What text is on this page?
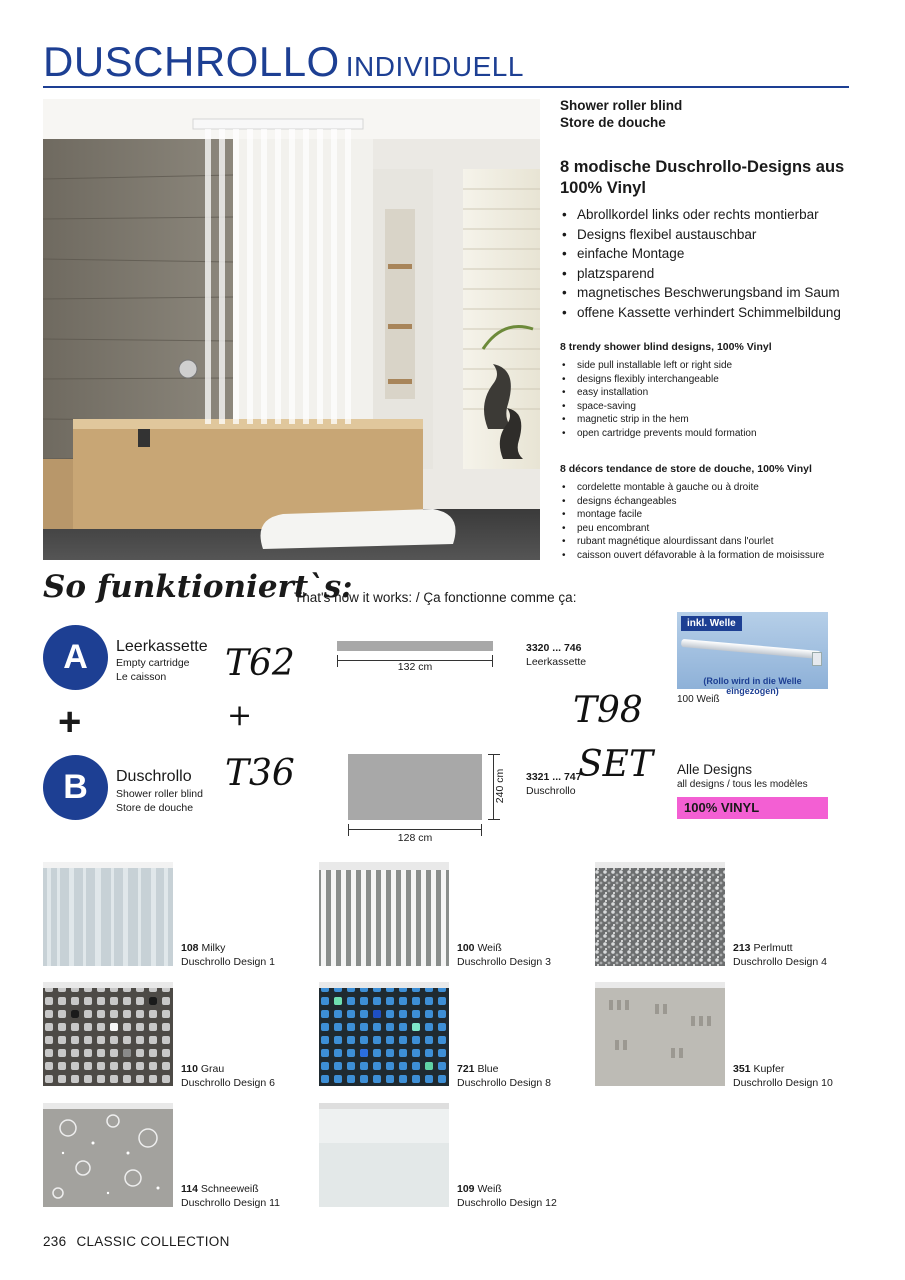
DUSCHROLLO INDIVIDUELL
Shower roller blind
Store de douche
8 modische Duschrollo-Designs aus 100% Vinyl
• Abrollkordel links oder rechts montierbar
• Designs flexibel austauschbar
• einfache Montage
• platzsparend
• magnetisches Beschwerungsband im Saum
• offene Kassette verhindert Schimmelbildung
8 trendy shower blind designs, 100% Vinyl
• side pull installable left or right side
• designs flexibly interchangeable
• easy installation
• space-saving
• magnetic strip in the hem
• open cartridge prevents mould formation
8 décors tendance de store de douche, 100% Vinyl
• cordelette montable à gauche ou à droite
• designs échangeables
• montage facile
• peu encombrant
• rubant magnétique alourdissant dans l'ourlet
• caisson ouvert défavorable à la formation de moisissure
So funktioniert`s:
That's how it works: / Ça fonctionne comme ça:
A
+
B
Leerkassette
Empty cartridge
Le caisson
Duschrollo
Shower roller blind
Store de douche
T62
+
T36
T98
SET
132 cm
128 cm
240 cm
3320 ... 746
Leerkassette
3321 ... 747
Duschrollo
inkl. Welle
(Rollo wird in die Welle eingezogen)
100 Weiß
Alle Designs
all designs / tous les modèles
100% VINYL
108 Milky
Duschrollo Design 1
100 Weiß
Duschrollo Design 3
213 Perlmutt
Duschrollo Design 4
110 Grau
Duschrollo Design 6
721 Blue
Duschrollo Design 8
351 Kupfer
Duschrollo Design 10
114 Schneeweiß
Duschrollo Design 11
109 Weiß
Duschrollo Design 12
236 CLASSIC COLLECTION
